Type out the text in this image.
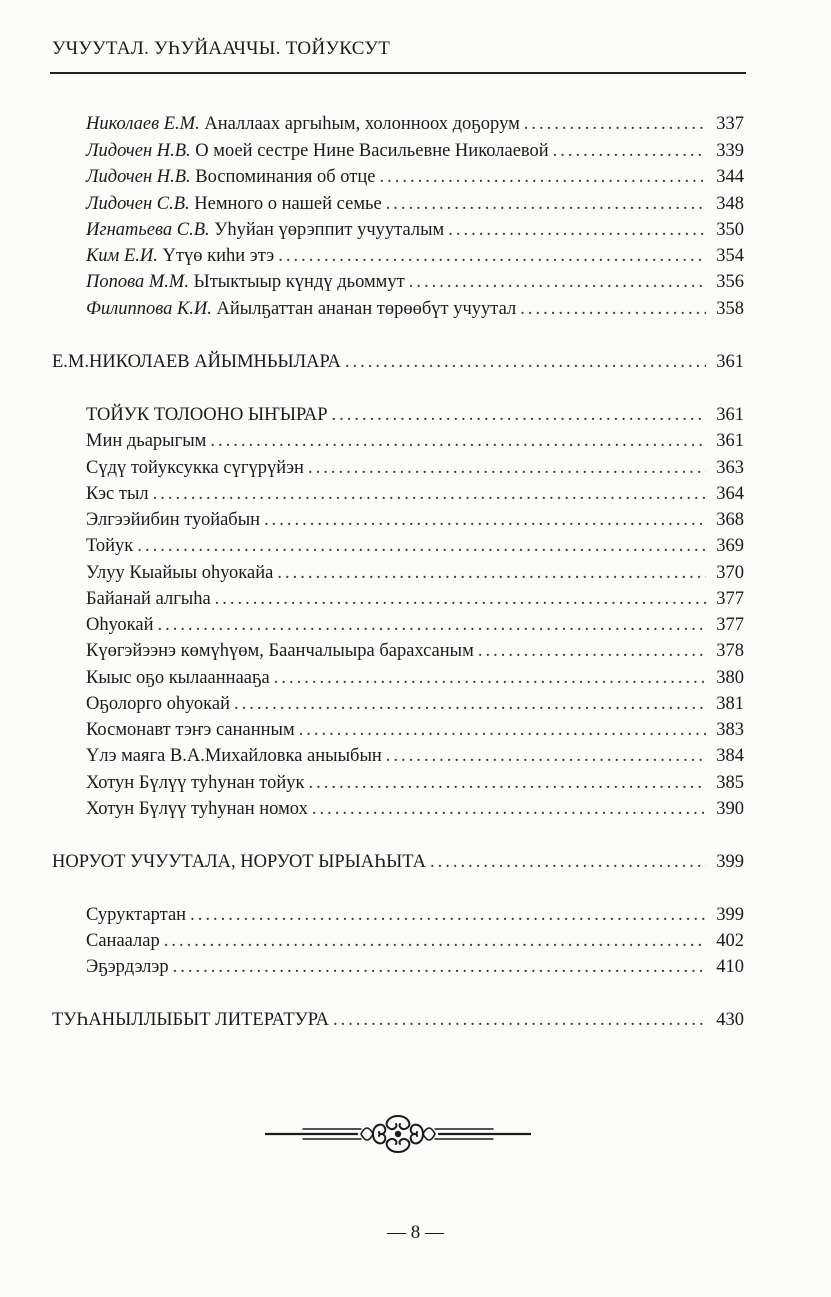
УЧУУТАЛ. УҺУЙААЧЧЫ. ТОЙУКСУТ
Николаев Е.М. Аналлаах аргыһым, холонноох доҕорум .....	337
Лидочен Н.В. О моей сестре Нине Васильевне Николаевой .....	339
Лидочен Н.В. Воспоминания об отце .....	344
Лидочен С.В. Немного о нашей семье .....	348
Игнатьева С.В. Уһуйан үөрэппит учууталым .....	350
Ким Е.И. Үтүө киһи этэ .....	354
Попова М.М. Ытыктыыр күндү дьоммут .....	356
Филиппова К.И. Айылҕаттан ананан төрөөбүт учуутал .....	358
Е.М.НИКОЛАЕВ АЙЫМНЬЫЛАРА .....	361
ТОЙУК ТОЛООНО ЫҤЫРАР .....	361
Мин дьарыгым .....	361
Сүдү тойуксукка сүгүрүйэн .....	363
Кэс тыл .....	364
Элгээйибин туойабын .....	368
Тойук .....	369
Улуу Кыайыы оһуокайа .....	370
Байанай алгыһа .....	377
Оһуокай .....	377
Күөгэйээнэ көмүһүөм, Баанчалыыра барахсаным .....	378
Кыыс оҕо кылааннааҕа .....	380
Оҕолорго оһуокай .....	381
Космонавт тэҥэ сананным .....	383
Үлэ маяга В.А.Михайловка аныыбын .....	384
Хотун Бүлүү туһунан тойук .....	385
Хотун Бүлүү туһунан номох .....	390
НОРУОТ УЧУУТАЛА, НОРУОТ ЫРЫАҺЫТА .....	399
Суруктартан .....	399
Санаалар .....	402
Эҕэрдэлэр .....	410
ТУҺАНЫЛЛЫБЫТ ЛИТЕРАТУРА .....	430
— 8 —
